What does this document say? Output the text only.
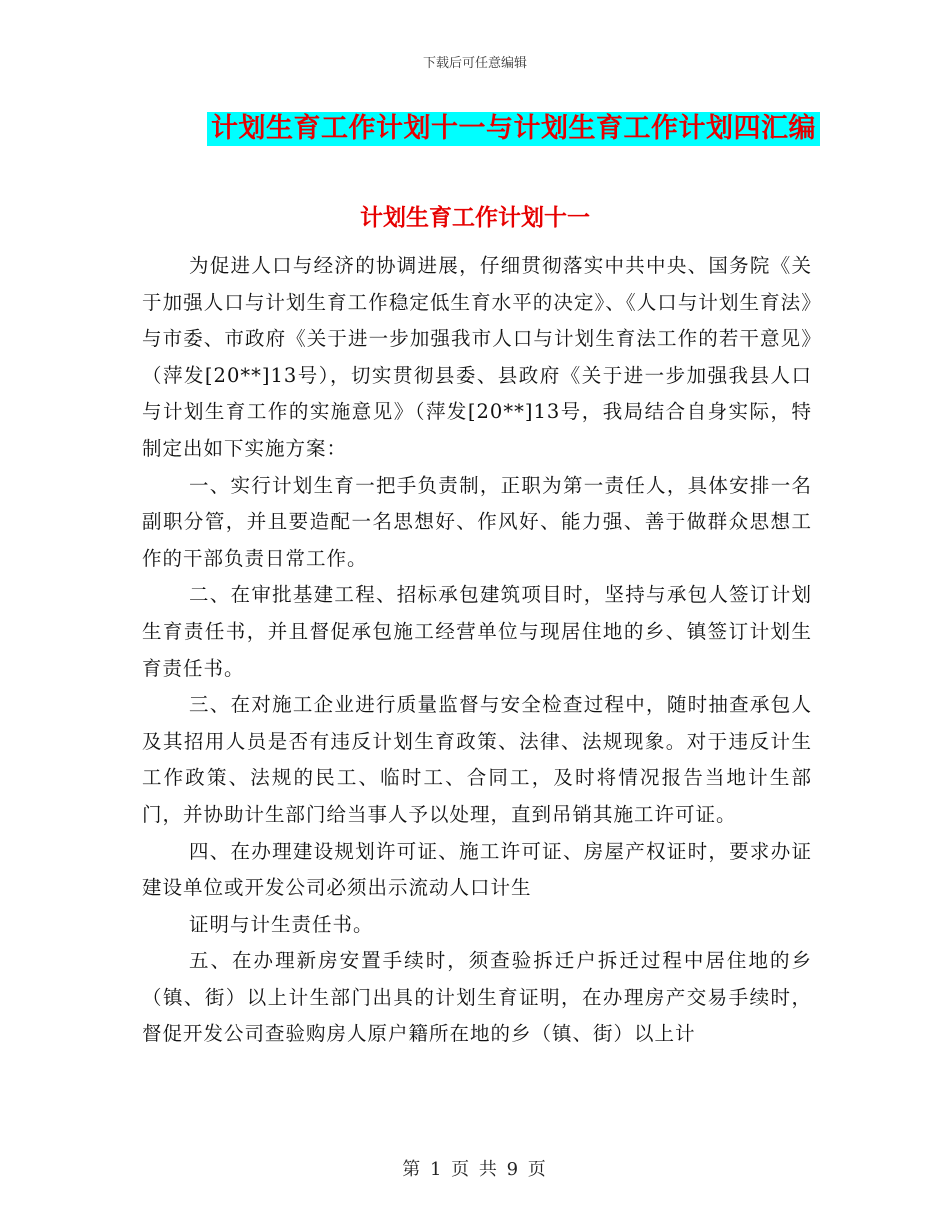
下载后可任意编辑
计划生育工作计划十一与计划生育工作计划四汇编
计划生育工作计划十一

为促进人口与经济的协调进展，仔细贯彻落实中共中央、国务院《关于加强人口与计划生育工作稳定低生育水平的决定》、《人口与计划生育法》与市委、市政府《关于进一步加强我市人口与计划生育法工作的若干意见》（萍发[20**]13号），切实贯彻县委、县政府《关于进一步加强我县人口与计划生育工作的实施意见》（萍发[20**]13号，我局结合自身实际，特制定出如下实施方案：

一、实行计划生育一把手负责制，正职为第一责任人，具体安排一名副职分管，并且要造配一名思想好、作风好、能力强、善于做群众思想工作的干部负责日常工作。

二、在审批基建工程、招标承包建筑项目时，坚持与承包人签订计划生育责任书，并且督促承包施工经营单位与现居住地的乡、镇签订计划生育责任书。

三、在对施工企业进行质量监督与安全检查过程中，随时抽查承包人及其招用人员是否有违反计划生育政策、法律、法规现象。对于违反计生工作政策、法规的民工、临时工、合同工，及时将情况报告当地计生部门，并协助计生部门给当事人予以处理，直到吊销其施工许可证。

四、在办理建设规划许可证、施工许可证、房屋产权证时，要求办证建设单位或开发公司必须出示流动人口计生

证明与计生责任书。

五、在办理新房安置手续时，须查验拆迁户拆迁过程中居住地的乡（镇、街）以上计生部门出具的计划生育证明，在办理房产交易手续时，督促开发公司查验购房人原户籍所在地的乡（镇、街）以上计

第 1 页 共 9 页
